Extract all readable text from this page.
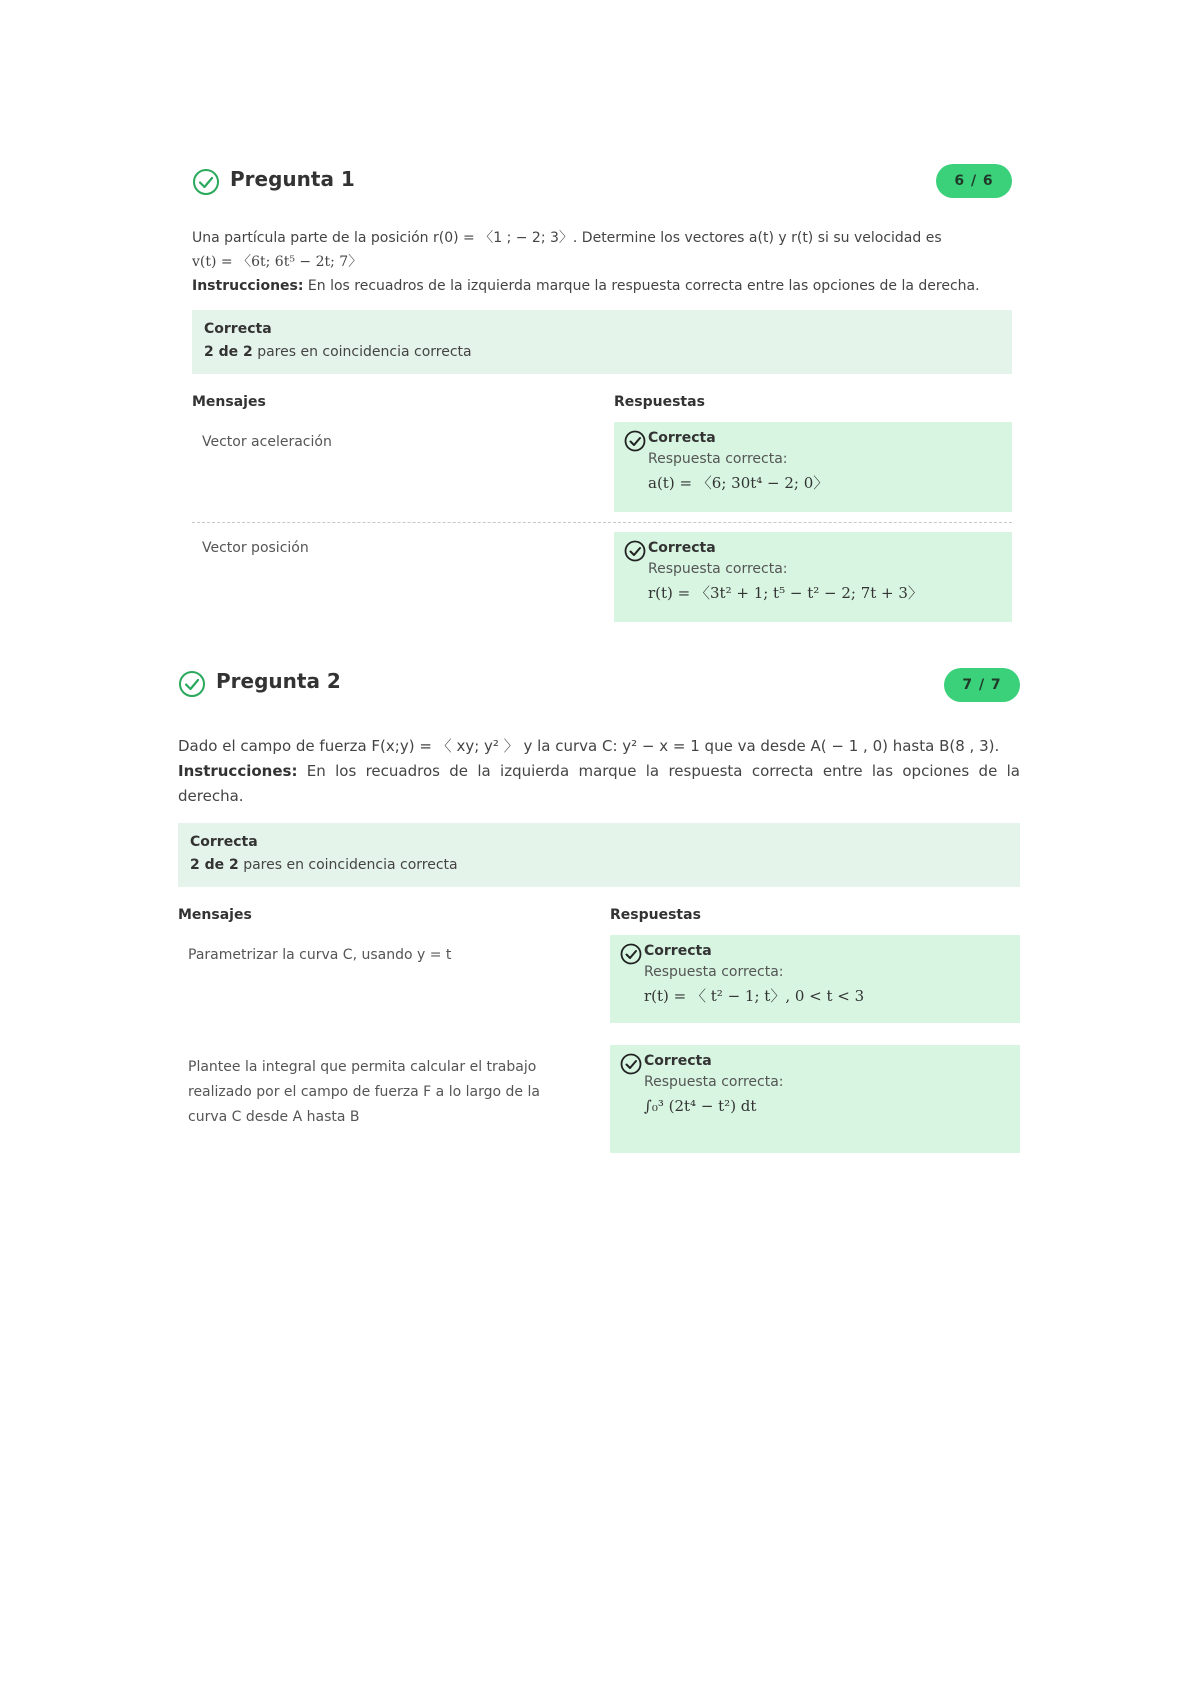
Pregunta 1	6 / 6
Una partícula parte de la posición r(0) = 〈1 ; − 2; 3〉. Determine los vectores a(t) y r(t) si su velocidad es
v(t) = 〈6t; 6t⁵ − 2t; 7〉
Instrucciones: En los recuadros de la izquierda marque la respuesta correcta entre las opciones de la derecha.
Correcta
2 de 2 pares en coincidencia correcta
Mensajes	Respuestas
Vector aceleración	Correcta
Respuesta correcta:
a(t) = 〈6; 30t⁴ − 2; 0〉
Vector posición	Correcta
Respuesta correcta:
r(t) = 〈3t² + 1; t⁵ − t² − 2; 7t + 3〉
Pregunta 2	7 / 7
Dado el campo de fuerza F(x;y) = 〈 xy; y² 〉 y la curva C: y² − x = 1 que va desde A( − 1 , 0) hasta B(8 , 3).
Instrucciones: En los recuadros de la izquierda marque la respuesta correcta entre las opciones de la derecha.
Correcta
2 de 2 pares en coincidencia correcta
Mensajes	Respuestas
Parametrizar la curva C, usando y = t	Correcta
Respuesta correcta:
r(t) = 〈 t² − 1; t〉, 0 < t < 3
Plantee la integral que permita calcular el trabajo realizado por el campo de fuerza F a lo largo de la curva C desde A hasta B
Correcta
Respuesta correcta:
∫₀³ (2t⁴ − t²) dt
